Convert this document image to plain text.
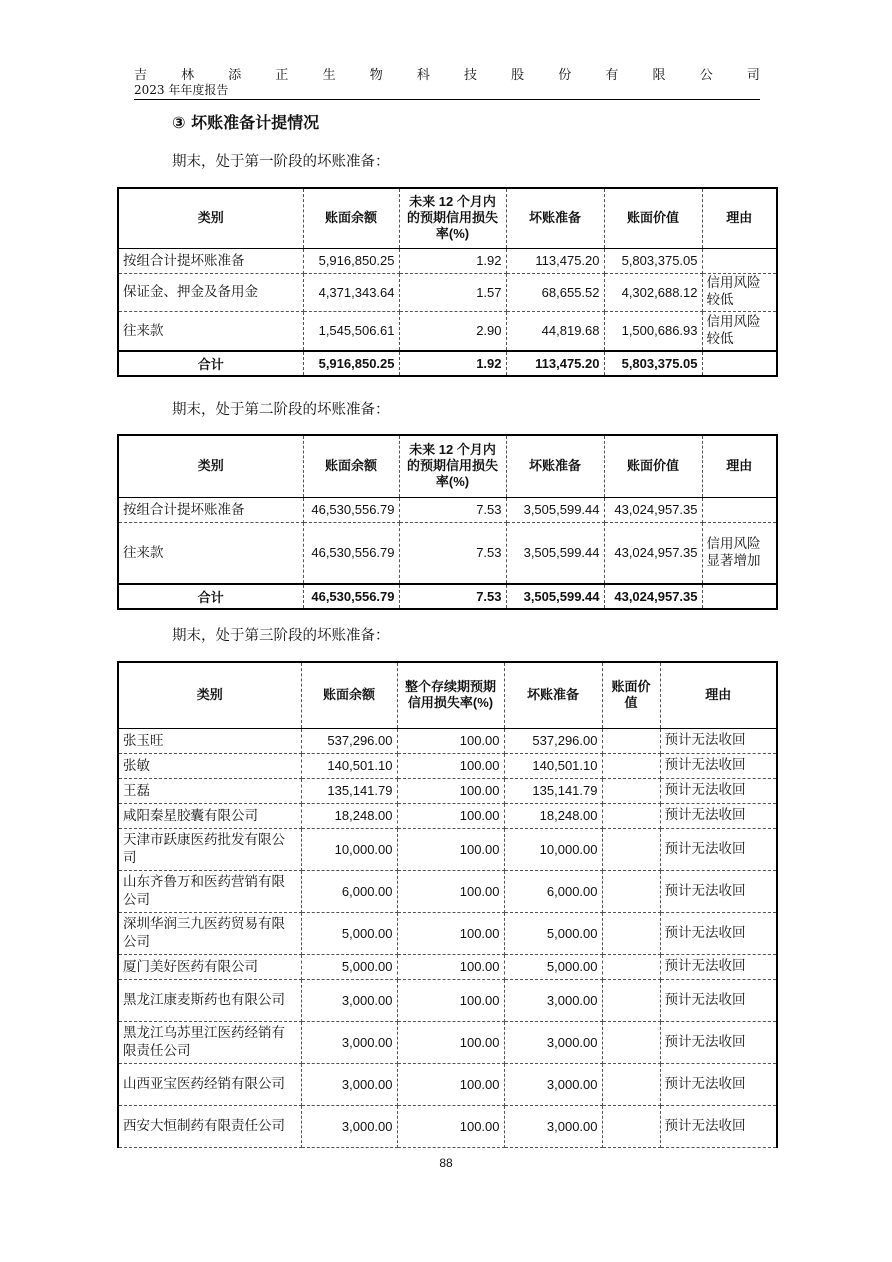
吉	林	添	正	生	物	科	技	股	份	有	限	公	司
2023 年年度报告
③ 坏账准备计提情况
期末，处于第一阶段的坏账准备：
类别	账面余额	未来 12 个月内的预期信用损失率(%)	坏账准备	账面价值	理由
按组合计提坏账准备	5,916,850.25	1.92	113,475.20	5,803,375.05	
保证金、押金及备用金	4,371,343.64	1.57	68,655.52	4,302,688.12	信用风险较低
往来款	1,545,506.61	2.90	44,819.68	1,500,686.93	信用风险较低
合计	5,916,850.25	1.92	113,475.20	5,803,375.05	
期末，处于第二阶段的坏账准备：
类别	账面余额	未来 12 个月内的预期信用损失率(%)	坏账准备	账面价值	理由
按组合计提坏账准备	46,530,556.79	7.53	3,505,599.44	43,024,957.35	
往来款	46,530,556.79	7.53	3,505,599.44	43,024,957.35	信用风险显著增加
合计	46,530,556.79	7.53	3,505,599.44	43,024,957.35	
期末，处于第三阶段的坏账准备：
类别	账面余额	整个存续期预期信用损失率(%)	坏账准备	账面价值	理由
张玉旺	537,296.00	100.00	537,296.00		预计无法收回
张敏	140,501.10	100.00	140,501.10		预计无法收回
王磊	135,141.79	100.00	135,141.79		预计无法收回
咸阳秦星胶囊有限公司	18,248.00	100.00	18,248.00		预计无法收回
天津市跃康医药批发有限公司	10,000.00	100.00	10,000.00		预计无法收回
山东齐鲁万和医药营销有限公司	6,000.00	100.00	6,000.00		预计无法收回
深圳华润三九医药贸易有限公司	5,000.00	100.00	5,000.00		预计无法收回
厦门美好医药有限公司	5,000.00	100.00	5,000.00		预计无法收回
黑龙江康麦斯药也有限公司	3,000.00	100.00	3,000.00		预计无法收回
黑龙江乌苏里江医药经销有限责任公司	3,000.00	100.00	3,000.00		预计无法收回
山西亚宝医药经销有限公司	3,000.00	100.00	3,000.00		预计无法收回
西安大恒制药有限责任公司	3,000.00	100.00	3,000.00		预计无法收回
88
